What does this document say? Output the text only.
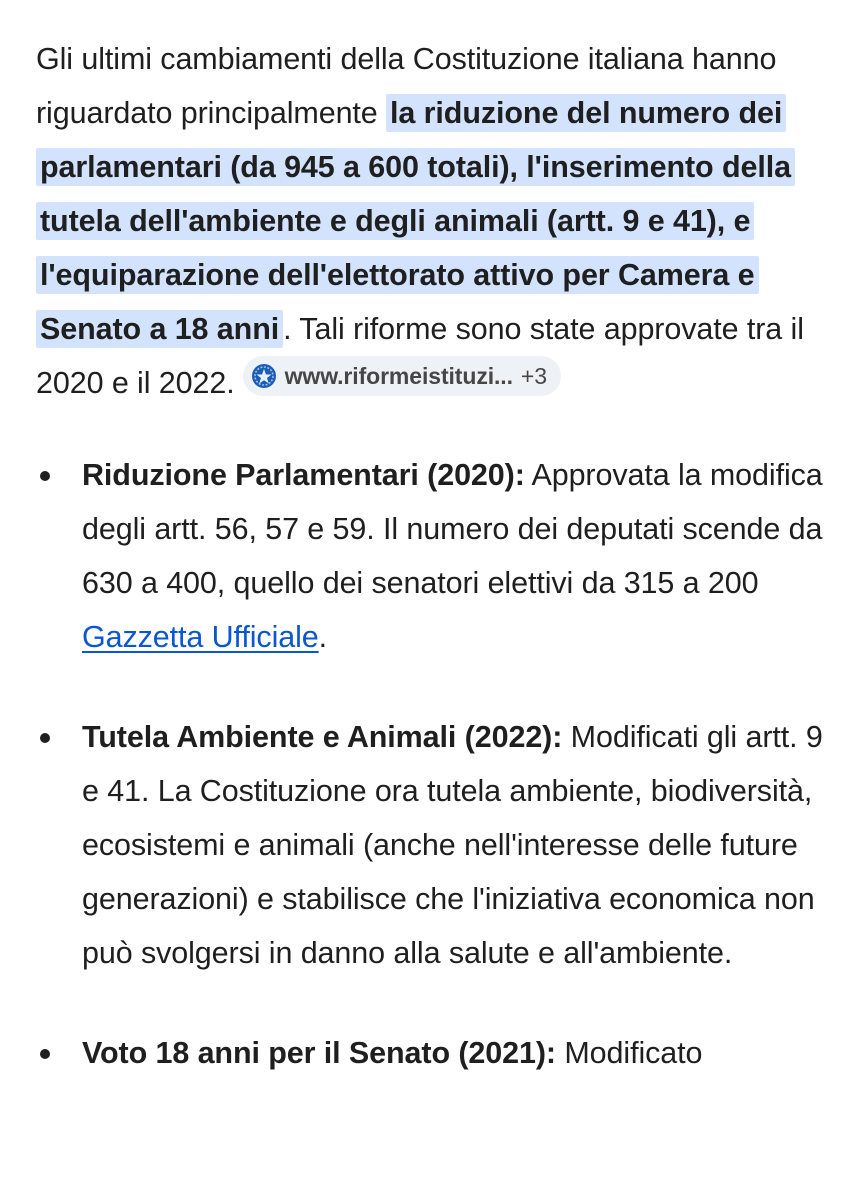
Gli ultimi cambiamenti della Costituzione italiana hanno riguardato principalmente la riduzione del numero dei parlamentari (da 945 a 600 totali), l'inserimento della tutela dell'ambiente e degli animali (artt. 9 e 41), e l'equiparazione dell'elettorato attivo per Camera e Senato a 18 anni . Tali riforme sono state approvate tra il 2020 e il 2022. www.riformeistituzi... +3

Riduzione Parlamentari (2020): Approvata la modifica degli artt. 56, 57 e 59. Il numero dei deputati scende da 630 a 400, quello dei senatori elettivi da 315 a 200 Gazzetta Ufficiale.
Tutela Ambiente e Animali (2022): Modificati gli artt. 9 e 41. La Costituzione ora tutela ambiente, biodiversità, ecosistemi e animali (anche nell'interesse delle future generazioni) e stabilisce che l'iniziativa economica non può svolgersi in danno alla salute e all'ambiente.
Voto 18 anni per il Senato (2021): Modificato
